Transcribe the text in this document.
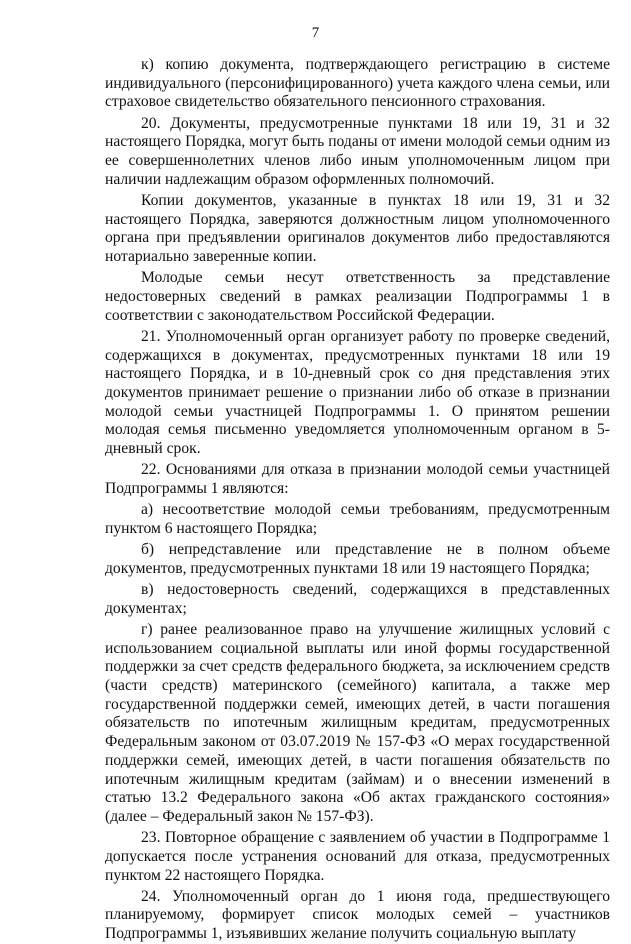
7

к) копию документа, подтверждающего регистрацию в системе индивидуального (персонифицированного) учета каждого члена семьи, или страховое свидетельство обязательного пенсионного страхования.

20. Документы, предусмотренные пунктами 18 или 19, 31 и 32 настоящего Порядка, могут быть поданы от имени молодой семьи одним из ее совершеннолетних членов либо иным уполномоченным лицом при наличии надлежащим образом оформленных полномочий.

Копии документов, указанные в пунктах 18 или 19, 31 и 32 настоящего Порядка, заверяются должностным лицом уполномоченного органа при предъявлении оригиналов документов либо предоставляются нотариально заверенные копии.

Молодые семьи несут ответственность за представление недостоверных сведений в рамках реализации Подпрограммы 1 в соответствии с законодательством Российской Федерации.

21. Уполномоченный орган организует работу по проверке сведений, содержащихся в документах, предусмотренных пунктами 18 или 19 настоящего Порядка, и в 10-дневный срок со дня представления этих документов принимает решение о признании либо об отказе в признании молодой семьи участницей Подпрограммы 1. О принятом решении молодая семья письменно уведомляется уполномоченным органом в 5-дневный срок.

22. Основаниями для отказа в признании молодой семьи участницей Подпрограммы 1 являются:

а) несоответствие молодой семьи требованиям, предусмотренным пунктом 6 настоящего Порядка;

б) непредставление или представление не в полном объеме документов, предусмотренных пунктами 18 или 19 настоящего Порядка;

в) недостоверность сведений, содержащихся в представленных документах;

г) ранее реализованное право на улучшение жилищных условий с использованием социальной выплаты или иной формы государственной поддержки за счет средств федерального бюджета, за исключением средств (части средств) материнского (семейного) капитала, а также мер государственной поддержки семей, имеющих детей, в части погашения обязательств по ипотечным жилищным кредитам, предусмотренных Федеральным законом от 03.07.2019 № 157-ФЗ «О мерах государственной поддержки семей, имеющих детей, в части погашения обязательств по ипотечным жилищным кредитам (займам) и о внесении изменений в статью 13.2 Федерального закона «Об актах гражданского состояния» (далее – Федеральный закон № 157-ФЗ).

23. Повторное обращение с заявлением об участии в Подпрограмме 1 допускается после устранения оснований для отказа, предусмотренных пунктом 22 настоящего Порядка.

24. Уполномоченный орган до 1 июня года, предшествующего планируемому, формирует список молодых семей – участников Подпрограммы 1, изъявивших желание получить социальную выплату
